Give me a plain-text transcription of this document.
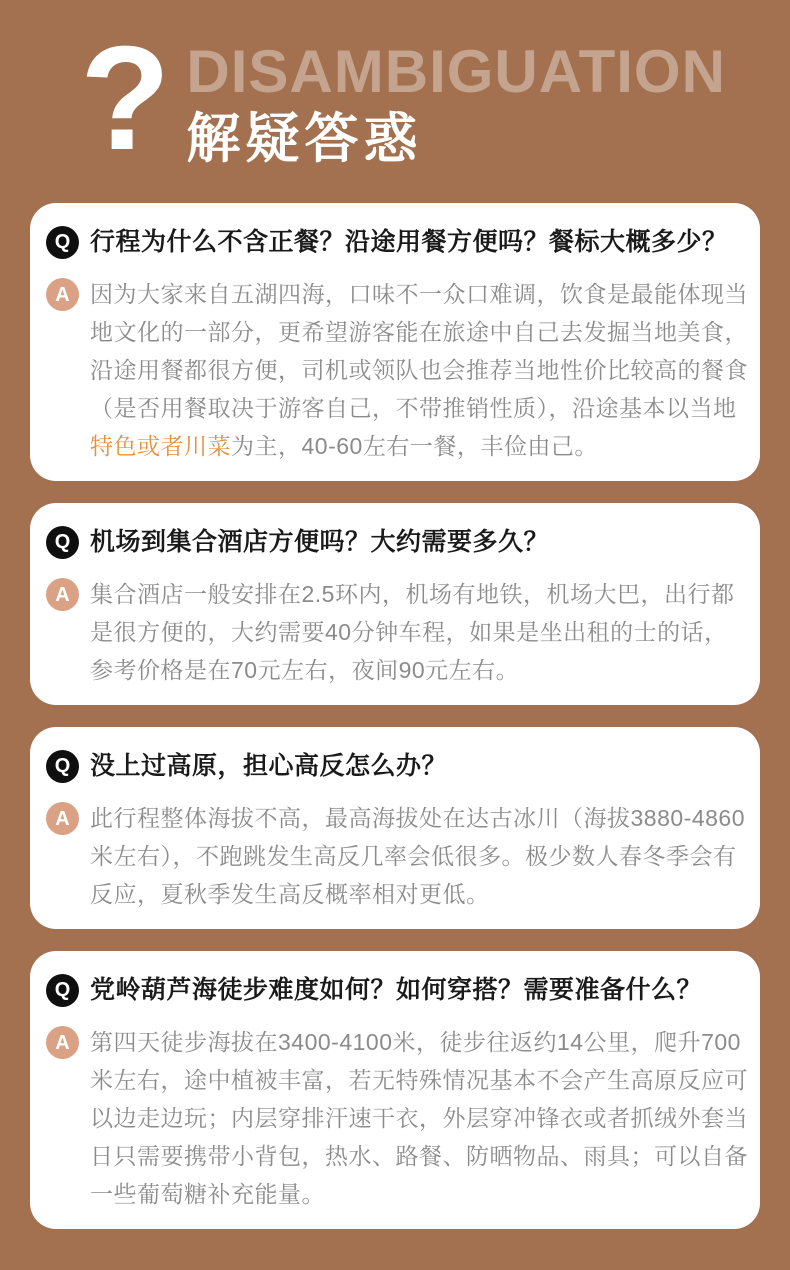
? DISAMBIGUATION
解疑答惑
Q 行程为什么不含正餐？沿途用餐方便吗？餐标大概多少？
A 因为大家来自五湖四海，口味不一众口难调，饮食是最能体现当地文化的一部分，更希望游客能在旅途中自己去发掘当地美食，沿途用餐都很方便，司机或领队也会推荐当地性价比较高的餐食（是否用餐取决于游客自己，不带推销性质），沿途基本以当地特色或者川菜为主，40-60左右一餐，丰俭由己。

Q 机场到集合酒店方便吗？大约需要多久？
A 集合酒店一般安排在2.5环内，机场有地铁，机场大巴，出行都是很方便的，大约需要40分钟车程，如果是坐出租的士的话，参考价格是在70元左右，夜间90元左右。

Q 没上过高原，担心高反怎么办？
A 此行程整体海拔不高，最高海拔处在达古冰川（海拔3880-4860米左右），不跑跳发生高反几率会低很多。极少数人春冬季会有反应，夏秋季发生高反概率相对更低。

Q 党岭葫芦海徒步难度如何？如何穿搭？需要准备什么？
A 第四天徒步海拔在3400-4100米，徒步往返约14公里，爬升700米左右，途中植被丰富，若无特殊情况基本不会产生高原反应可以边走边玩；内层穿排汗速干衣，外层穿冲锋衣或者抓绒外套当日只需要携带小背包，热水、路餐、防晒物品、雨具；可以自备一些葡萄糖补充能量。
